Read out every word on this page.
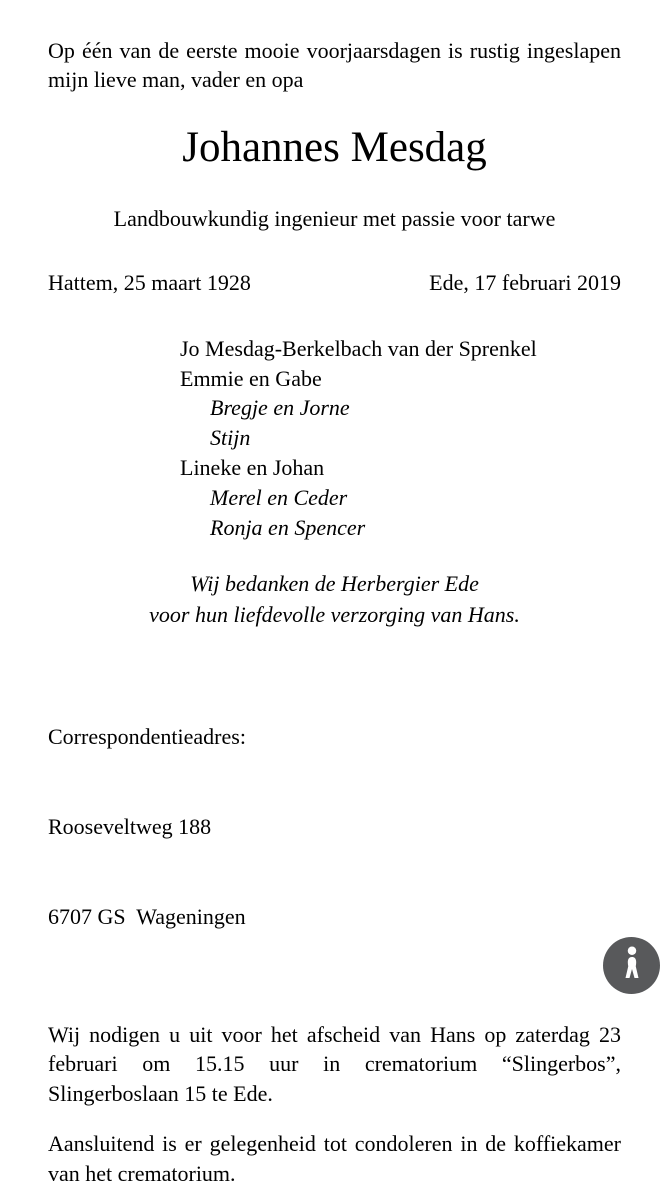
Op één van de eerste mooie voorjaarsdagen is rustig ingeslapen mijn lieve man, vader en opa

Johannes Mesdag

Landbouwkundig ingenieur met passie voor tarwe

Hattem, 25 maart 1928	Ede, 17 februari 2019
Jo Mesdag-Berkelbach van der Sprenkel
Emmie en Gabe
Bregje en Jorne
Stijn
Lineke en Johan
Merel en Ceder
Ronja en Spencer
Wij bedanken de Herbergier Ede
voor hun liefdevolle verzorging van Hans.

Correspondentieadres:

Rooseveltweg 188

6707 GS  Wageningen

Wij nodigen u uit voor het afscheid van Hans op zaterdag 23 februari om 15.15 uur in crematorium “Slingerbos”, Slingerboslaan 15 te Ede.

Aansluitend is er gelegenheid tot condoleren in de koffiekamer van het crematorium.
